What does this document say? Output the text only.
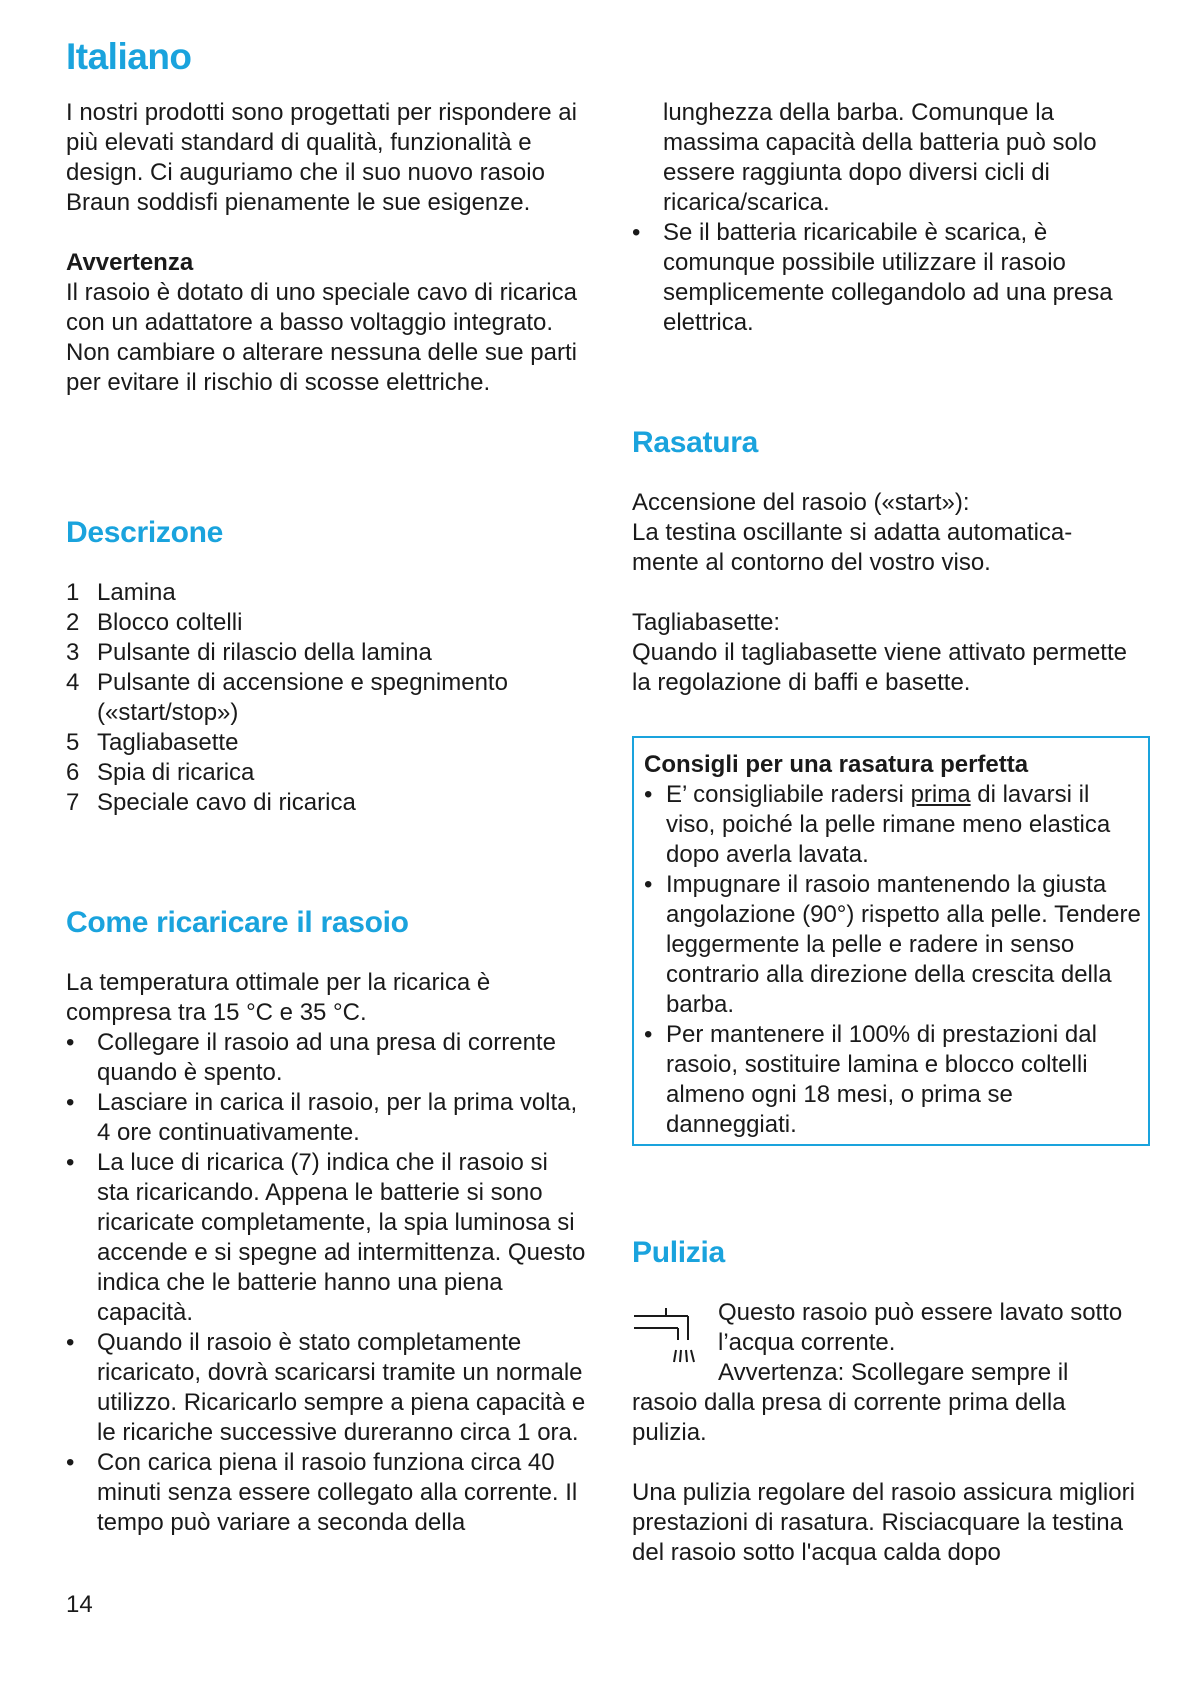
Italiano

I nostri prodotti sono progettati per rispondere ai più elevati standard di qualità, funzionalità e design. Ci auguriamo che il suo nuovo rasoio Braun soddisfi pienamente le sue esigenze.

Avvertenza

Il rasoio è dotato di uno speciale cavo di ricarica con un adattatore a basso voltaggio integrato. Non cambiare o alterare nessuna delle sue parti per evitare il rischio di scosse elettriche.

Descrizone
1 Lamina
2 Blocco coltelli
3 Pulsante di rilascio della lamina
4 Pulsante di accensione e spegnimento («start/stop»)
5 Tagliabasette
6 Spia di ricarica
7 Speciale cavo di ricarica
Come ricaricare il rasoio

La temperatura ottimale per la ricarica è compresa tra 15 °C e 35 °C.

• Collegare il rasoio ad una presa di corrente quando è spento.
• Lasciare in carica il rasoio, per la prima volta, 4 ore continuativamente.
• La luce di ricarica (7) indica che il rasoio si sta ricaricando. Appena le batterie si sono ricaricate completamente, la spia luminosa si accende e si spegne ad intermittenza. Questo indica che le batterie hanno una piena capacità.
• Quando il rasoio è stato completamente ricaricato, dovrà scaricarsi tramite un normale utilizzo. Ricaricarlo sempre a piena capacità e le ricariche successive dureranno circa 1 ora.
• Con carica piena il rasoio funziona circa 40 minuti senza essere collegato alla corrente. Il tempo può variare a seconda della
14

lunghezza della barba. Comunque la massima capacità della batteria può solo essere raggiunta dopo diversi cicli di ricarica/scarica.

• Se il batteria ricaricabile è scarica, è comunque possibile utilizzare il rasoio semplicemente collegandolo ad una presa elettrica.
Rasatura

Accensione del rasoio («start»):

La testina oscillante si adatta automatica-mente al contorno del vostro viso.

Tagliabasette:

Quando il tagliabasette viene attivato permette la regolazione di baffi e basette.

Consigli per una rasatura perfetta
• E’ consigliabile radersi prima di lavarsi il viso, poiché la pelle rimane meno elastica dopo averla lavata.
• Impugnare il rasoio mantenendo la giusta angolazione (90°) rispetto alla pelle. Tendere leggermente la pelle e radere in senso contrario alla direzione della crescita della barba.
• Per mantenere il 100% di prestazioni dal rasoio, sostituire lamina e blocco coltelli almeno ogni 18 mesi, o prima se danneggiati.
Pulizia

Questo rasoio può essere lavato sotto

l’acqua corrente.

Avvertenza: Scollegare sempre il

rasoio dalla presa di corrente prima della pulizia.

Una pulizia regolare del rasoio assicura migliori prestazioni di rasatura. Risciacquare la testina del rasoio sotto l'acqua calda dopo
